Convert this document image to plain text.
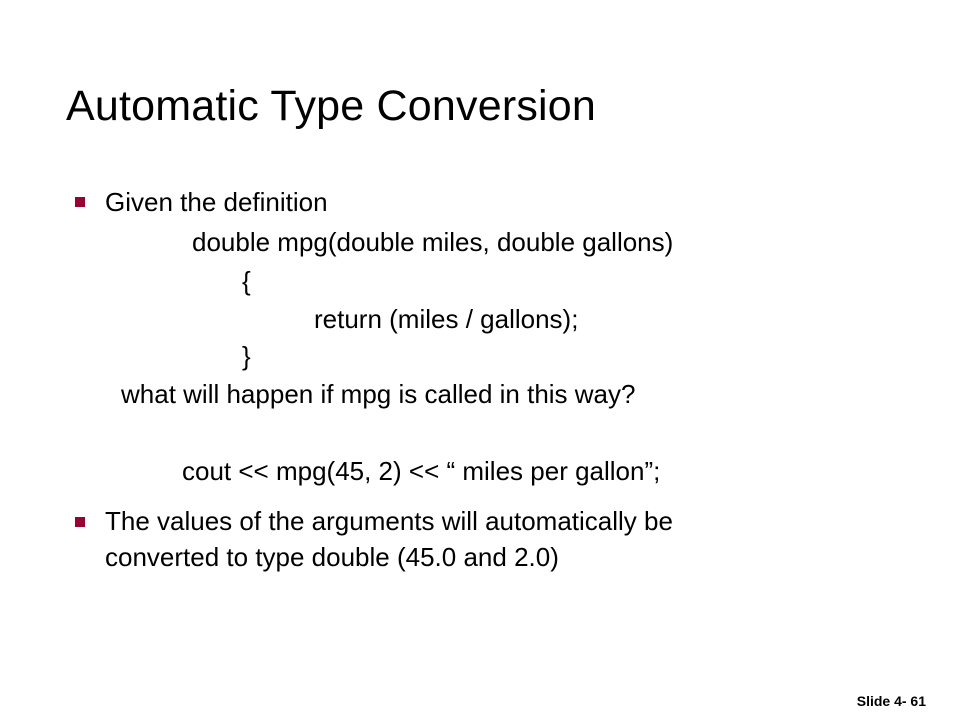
Automatic Type Conversion
Given the definition
double mpg(double miles, double gallons)
{
return (miles / gallons);
}
what will happen if mpg is called in this way?
cout << mpg(45, 2) << “ miles per gallon”;
The values of the arguments will automatically be
converted to type double (45.0 and 2.0)
Slide 4- 61
